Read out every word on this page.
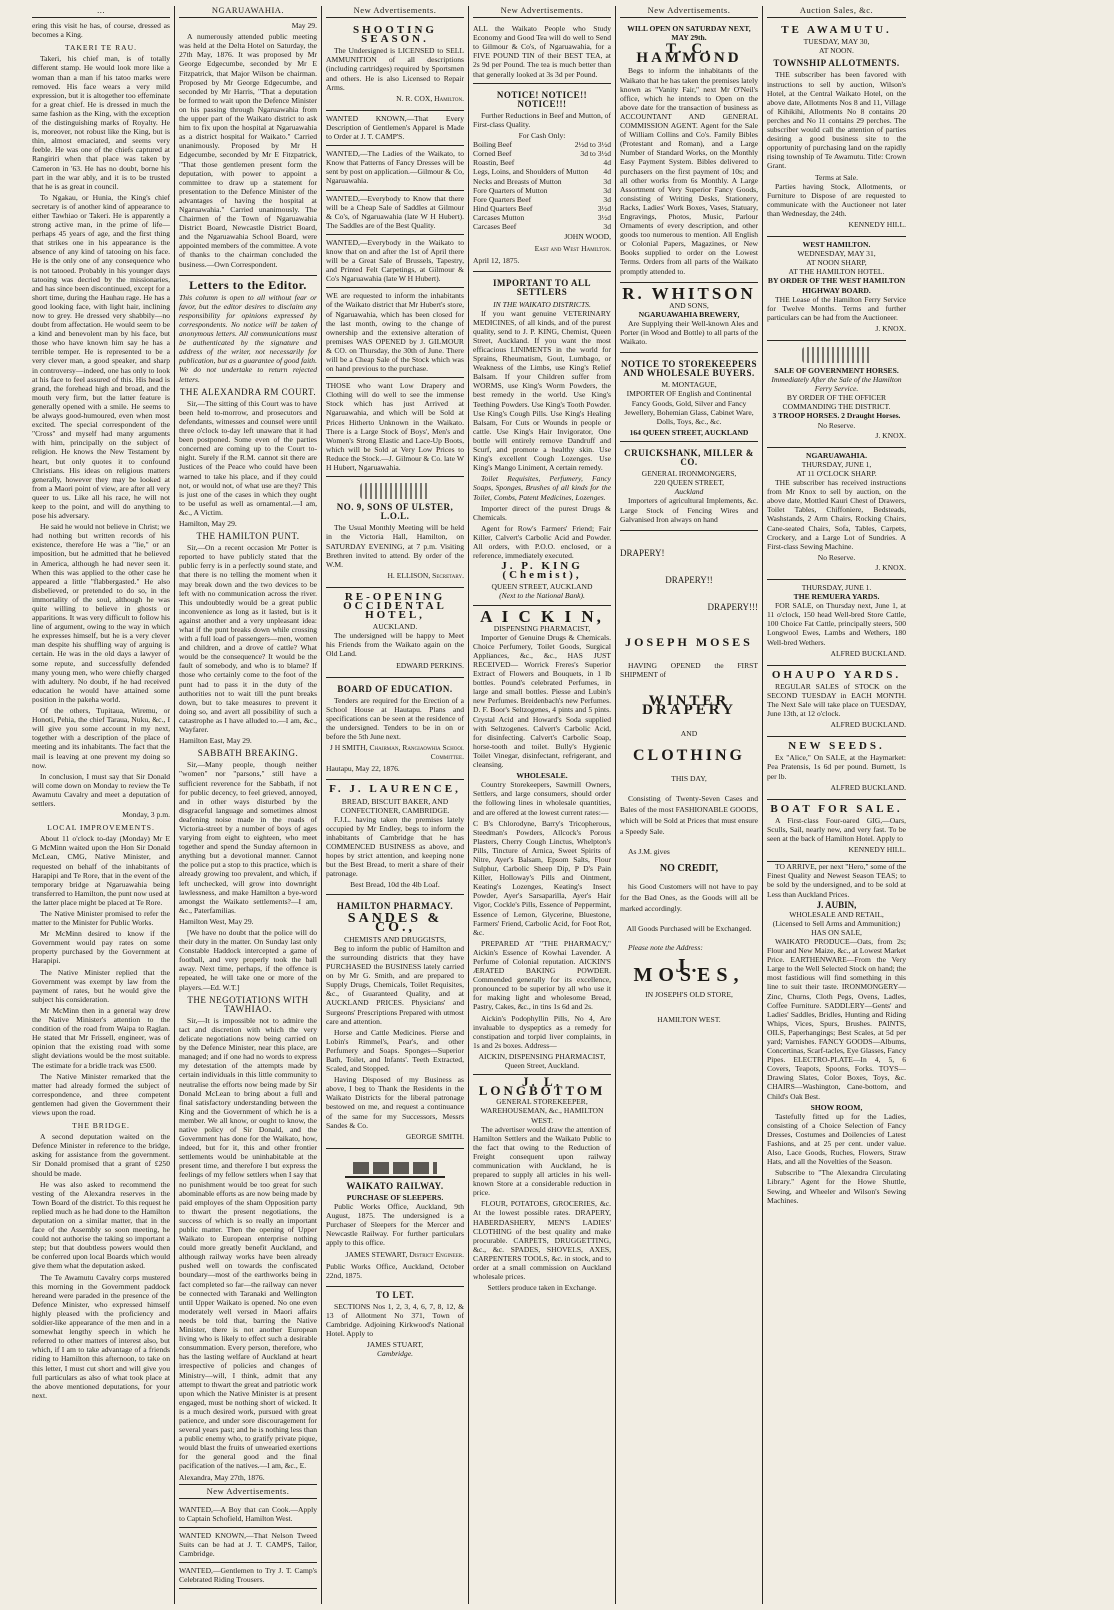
...

ering this visit he has, of course, dressed as becomes a King.

TAKERI TE RAU.

Takeri, his chief man, is of totally different stamp. He would look more like a woman than a man if his tatoo marks were removed. His face wears a very mild expression, but it is altogether too effeminate for a great chief. He is dressed in much the same fashion as the King, with the exception of the distinguishing marks of Royalty. He is, moreover, not robust like the King, but is thin, almost emaciated, and seems very feeble. He was one of the chiefs captured at Rangiriri when that place was taken by Cameron in '63. He has no doubt, borne his part in the war ably, and it is to be trusted that he is as great in council.

To Ngakau, or Hunia, the King's chief secretary is of another kind of appearance to either Tawhiao or Takeri. He is apparently a strong active man, in the prime of life—perhaps 45 years of age, and the first thing that strikes one in his appearance is the absence of any kind of tatooing on his face. He is the only one of any consequence who is not tatooed. Probably in his younger days tatooing was decried by the missionaries, and has since been discontinued, except for a short time, during the Hauhau rage. He has a good looking face, with light hair, inclining now to grey. He dressed very shabbily—no doubt from affectation. He would seem to be a kind and benevolent man by his face, but those who have known him say he has a terrible temper. He is represented to be a very clever man, a good speaker, and sharp in controversy—indeed, one has only to look at his face to feel assured of this. His head is grand, the forehead high and broad, and the mouth very firm, but the latter feature is generally opened with a smile. He seems to be always good-humoured, even when most excited. The special correspondent of the "Cross" and myself had many arguments with him, principally on the subject of religion. He knows the New Testament by heart, but only quotes it to confound Christians. His ideas on religious matters generally, however they may be looked at from a Maori point of view, are after all very queer to us. Like all his race, he will not keep to the point, and will do anything to pose his adversary.

He said he would not believe in Christ; we had nothing but written records of his existence, therefore He was a "lie," or an imposition, but he admitted that he believed in America, although he had never seen it. When this was applied to the other case he appeared a little "flabbergasted." He also disbelieved, or pretended to do so, in the immortality of the soul, although he was quite willing to believe in ghosts or apparitions. It was very difficult to follow his line of argument, owing to the way in which he expresses himself, but he is a very clever man despite his shuffling way of arguing is certain. He was in the old days a lawyer of some repute, and successfully defended many young men, who were chiefly charged with adultery. No doubt, if he had received education he would have attained some position in the pakeha world.

Of the others, Tupitaua, Wiremu, or Honoti, Pehia, the chief Taraua, Nuku, &c., I will give you some account in my next, together with a description of the place of meeting and its inhabitants. The fact that the mail is leaving at one prevent my doing so now.

In conclusion, I must say that Sir Donald will come down on Monday to review the Te Awamutu Cavalry and meet a deputation of settlers.

Monday, 3 p.m.
LOCAL IMPROVEMENTS.

About 11 o'clock to-day (Monday) Mr E G McMinn waited upon the Hon Sir Donald McLean, CMG, Native Minister, and requested on behalf of the inhabitants of Harapipi and Te Rore, that in the event of the temporary bridge at Ngaruawahia being transferred to Hamilton, the punt now used at the latter place might be placed at Te Rore.

The Native Minister promised to refer the matter to the Minister for Public Works.

Mr McMinn desired to know if the Government would pay rates on some property purchased by the Government at Harapipi.

The Native Minister replied that the Government was exempt by law from the payment of rates, but he would give the subject his consideration.

Mr McMinn then in a general way drew the Native Minister's attention to the condition of the road from Waipa to Raglan. He stated that Mr Frissell, engineer, was of opinion that the existing road with some slight deviations would be the most suitable. The estimate for a bridle track was £500.

The Native Minister remarked that the matter had already formed the subject of correspondence, and three competent gentlemen had given the Government their views upon the road.

THE BRIDGE.

A second deputation waited on the Defence Minister in reference to the bridge, asking for assistance from the government. Sir Donald promised that a grant of £250 should be made.

He was also asked to recommend the vesting of the Alexandra reserves in the Town Board of the district. To this request he replied much as he had done to the Hamilton deputation on a similar matter, that in the face of the Assembly so soon meeting, he could not authorise the taking so important a step; but that doubtless powers would then be conferred upon local Boards which would give them what the deputation asked.

The Te Awamutu Cavalry corps mustered this morning in the Government paddock hereand were paraded in the presence of the Defence Minister, who expressed himself highly pleased with the proficiency and soldier-like appearance of the men and in a somewhat lengthy speech in which he referred to other matters of interest also, but which, if I am to take advantage of a friends riding to Hamilton this afternoon, to take on this letter, I must cut short and will give you full particulars as also of what took place at the above mentioned deputations, for your next.

NGARUAWAHIA.
May 29.

A numerously attended public meeting was held at the Delta Hotel on Saturday, the 27th May, 1876. It was proposed by Mr George Edgecumbe, seconded by Mr E Fitzpatrick, that Major Wilson be chairman. Proposed by Mr George Edgecumbe, and seconded by Mr Harris, "That a deputation be formed to wait upon the Defence Minister on his passing through Ngaruawahia from the upper part of the Waikato district to ask him to fix upon the hospital at Ngaruawahia as a district hospital for Waikato." Carried unanimously. Proposed by Mr H Edgecumbe, seconded by Mr E Fitzpatrick, "That those gentlemen present form the deputation, with power to appoint a committee to draw up a statement for presentation to the Defence Minister of the advantages of having the hospital at Ngaruawahia." Carried unanimously. The Chairmen of the Town of Ngaruawahia District Board, Newcastle District Board, and the Ngaruawahia School Board, were appointed members of the committee. A vote of thanks to the chairman concluded the business.—Own Correspondent.

Letters to the Editor.

This column is open to all without fear or favor, but the editor desires to disclaim any responsibility for opinions expressed by correspondents. No notice will be taken of anonymous letters. All communications must be authenticated by the signature and address of the writer, not necessarily for publication, but as a guarantee of good faith. We do not undertake to return rejected letters.

THE ALEXANDRA RM COURT.

Sir,—The sitting of this Court was to have been held to-morrow, and prosecutors and defendants, witnesses and counsel were until three o'clock to-day left unaware that it had been postponed. Some even of the parties concerned are coming up to the Court to-night. Surely if the R.M. cannot sit there are Justices of the Peace who could have been warned to take his place, and if they could not, or would not, of what use are they? This is just one of the cases in which they ought to be useful as well as ornamental.—I am, &c., A Victim.

Hamilton, May 29.

THE HAMILTON PUNT.

Sir,—On a recent occasion Mr Potter is reported to have publicly stated that the public ferry is in a perfectly sound state, and that there is no telling the moment when it may break down and the two devices to be left with no communication across the river. This undoubtedly would be a great public inconvenience as long as it lasted, but is it against another and a very unpleasant idea: what if the punt breaks down while crossing with a full load of passengers—men, women and children, and a drove of cattle? What would be the consequence? It would be the fault of somebody, and who is to blame? If those who certainly come to the foot of the punt had to pass it in the duty of the authorities not to wait till the punt breaks down, but to take measures to prevent it doing so, and avert all possibility of such a catastrophe as I have alluded to.—I am, &c., Wayfarer.

Hamilton East, May 29.

SABBATH BREAKING.

Sir,—Many people, though neither "women" nor "parsons," still have a sufficient reverence for the Sabbath, if not for public decency, to feel grieved, annoyed, and in other ways disturbed by the disgraceful language and sometimes almost deafening noise made in the roads of Victoria-street by a number of boys of ages varying from eight to eighteen, who meet together and spend the Sunday afternoon in anything but a devotional manner. Cannot the police put a stop to this practice, which is already growing too prevalent, and which, if left unchecked, will grow into downright lawlessness, and make Hamilton a bye-word amongst the Waikato settlements?—I am, &c., Paterfamilias.

Hamilton West, May 29.

[We have no doubt that the police will do their duty in the matter. On Sunday last only Constable Haddock intercepted a game of football, and very properly took the ball away. Next time, perhaps, if the offence is repeated, he will take one or more of the players.—Ed. W.T.]

THE NEGOTIATIONS WITH TAWHIAO.

Sir,—It is impossible not to admire the tact and discretion with which the very delicate negotiations now being carried on by the Defence Minister, near this place, are managed; and if one had no words to express my detestation of the attempts made by certain individuals in this little community to neutralise the efforts now being made by Sir Donald McLean to bring about a full and final satisfactory understanding between the King and the Government of which he is a member. We all know, or ought to know, the native policy of Sir Donald, and the Government has done for the Waikato, how, indeed, but for it, this and other frontier settlements would be uninhabitable at the present time, and therefore I but express the feelings of my fellow settlers when I say that no punishment would be too great for such abominable efforts as are now being made by paid employes of the sham Opposition party to thwart the present negotiations, the success of which is so really an important public matter. Then the opening of Upper Waikato to European enterprise nothing could more greatly benefit Auckland, and although railway works have been already pushed well on towards the confiscated boundary—most of the earthworks being in fact completed so far—the railway can never be connected with Taranaki and Wellington until Upper Waikato is opened. No one even moderately well versed in Maori affairs needs be told that, barring the Native Minister, there is not another European living who is likely to effect such a desirable consummation. Every person, therefore, who has the lasting welfare of Auckland at heart irrespective of policies and changes of Ministry—will, I think, admit that any attempt to thwart the great and patriotic work upon which the Native Minister is at present engaged, must be nothing short of wicked. It is a much desired work, pursued with great patience, and under sore discouragement for several years past; and he is nothing less than a public enemy who, to gratify private pique, would blast the fruits of unwearied exertions for the general good and the final pacification of the natives.—I am, &c., E.

Alexandra, May 27th, 1876.

New Advertisements.
WANTED,—A Boy that can Cook.—Apply to Captain Schofield, Hamilton West.
WANTED KNOWN,—That Nelson Tweed Suits can be had at J. T. CAMPS, Tailor, Cambridge.
WANTED,—Gentlemen to Try J. T. Camp's Celebrated Riding Trousers.
New Advertisements.
SHOOTING SEASON.

The Undersigned is LICENSED to SELL AMMUNITION of all descriptions (including cartridges) required by Sportsmen and others. He is also Licensed to Repair Arms.

N. R. COX, Hamilton.
WANTED KNOWN,—That Every Description of Gentlemen's Apparel is Made to Order at J. T. CAMP'S.
WANTED,—The Ladies of the Waikato, to Know that Patterns of Fancy Dresses will be sent by post on application.—Gilmour & Co, Ngaruawahia.
WANTED,—Everybody to Know that there will be a Cheap Sale of Saddles at Gilmour & Co's, of Ngaruawahia (late W H Hubert). The Saddles are of the Best Quality.
WANTED,—Everybody in the Waikato to know that on and after the 1st of April there will be a Great Sale of Brussels, Tapestry, and Printed Felt Carpetings, at Gilmour & Co's Ngaruawahia (late W H Hubert).
WE are requested to inform the inhabitants of the Waikato district that Mr Hubert's store, of Ngaruawahia, which has been closed for the last month, owing to the change of ownership and the extensive alteration of premises WAS OPENED by J. GILMOUR & CO. on Thursday, the 30th of June. There will be a Cheap Sale of the Stock which was on hand previous to the purchase.
THOSE who want Low Drapery and Clothing will do well to see the immense Stock which has just Arrived at Ngaruawahia, and which will be Sold at Prices Hitherto Unknown in the Waikato. There is a Large Stock of Boys', Men's and Women's Strong Elastic and Lace-Up Boots, which will be Sold at Very Low Prices to Reduce the Stock.—J. Gilmour & Co. late W H Hubert, Ngaruawahia.
NO. 9, SONS OF ULSTER, L.O.L.

The Usual Monthly Meeting will be held in the Victoria Hall, Hamilton, on SATURDAY EVENING, at 7 p.m. Visiting Brethren invited to attend. By order of the W.M.

H. ELLISON, Secretary.
RE-OPENING OCCIDENTAL HOTEL,
AUCKLAND.

The undersigned will be happy to Meet his Friends from the Waikato again on the Old Land.

EDWARD PERKINS.
BOARD OF EDUCATION.

Tenders are required for the Erection of a School House at Hautapu. Plans and specifications can be seen at the residence of the undersigned. Tenders to be in on or before the 5th June next.

J H SMITH, Chairman, Rangiaowhia School Committee.

Hautapu, May 22, 1876.

F. J. LAURENCE,
BREAD, BISCUIT BAKER, AND CONFECTIONER, CAMBRIDGE.

F.J.L. having taken the premises lately occupied by Mr Endley, begs to inform the inhabitants of Cambridge that he has COMMENCED BUSINESS as above, and hopes by strict attention, and keeping none but the Best Bread, to merit a share of their patronage.

Best Bread, 10d the 4lb Loaf.
HAMILTON PHARMACY.
SANDES & CO.,
CHEMISTS AND DRUGGISTS,

Beg to inform the public of Hamilton and the surrounding districts that they have PURCHASED the BUSINESS lately carried on by Mr G. Smith, and are prepared to Supply Drugs, Chemicals, Toilet Requisites, &c., of Guaranteed Quality, and at AUCKLAND PRICES. Physicians' and Surgeons' Prescriptions Prepared with utmost care and attention.

Horse and Cattle Medicines. Pierse and Lobin's Rimmel's, Pear's, and other Perfumery and Soaps. Sponges—Superior Bath, Toilet, and Infants'. Teeth Extracted, Scaled, and Stopped.

Having Disposed of my Business as above, I beg to Thank the Residents in the Waikato Districts for the liberal patronage bestowed on me, and request a continuance of the same for my Successors, Messrs Sandes & Co.

GEORGE SMITH.
WAIKATO RAILWAY.
PURCHASE OF SLEEPERS.

Public Works Office, Auckland, 9th August, 1875. The undersigned is a Purchaser of Sleepers for the Mercer and Newcastle Railway. For further particulars apply to this office.

JAMES STEWART, District Engineer.

Public Works Office, Auckland, October 22nd, 1875.

TO LET.

SECTIONS Nos 1, 2, 3, 4, 6, 7, 8, 12, & 13 of Allotment No 371, Town of Cambridge. Adjoining Kirkwood's National Hotel. Apply to

JAMES STUART,
Cambridge.
New Advertisements.
ALL the Waikato People who Study Economy and Good Tea will do well to Send to Gilmour & Co's, of Ngaruawahia, for a FIVE POUND TIN of their BEST TEA, at 2s 9d per Pound. The tea is much better than that generally looked at 3s 3d per Pound.
NOTICE! NOTICE!! NOTICE!!!

Further Reductions in Beef and Mutton, of First-class Quality.

For Cash Only:
Boiling Beef	2½d to 3½d
Corned Beef	3d to 3½d
Roastin, Beef	4d
Legs, Loins, and Shoulders of Mutton 4d
Necks and Breasts of Mutton	3d
Fore Quarters of Mutton	3d
Fore Quarters Beef	3d
Hind Quarters Beef	3½d
Carcases Mutton	3½d
Carcases Beef	3d
JOHN WOOD,
East and West Hamilton.

April 12, 1875.

IMPORTANT TO ALL SETTLERS
IN THE WAIKATO DISTRICTS.

If you want genuine VETERINARY MEDICINES, of all kinds, and of the purest quality, send to J. P. KING, Chemist, Queen Street, Auckland. If you want the most efficacious LINIMENTS in the world for Sprains, Rheumatism, Gout, Lumbago, or Weakness of the Limbs, use King's Relief Balsam. If your Children suffer from WORMS, use King's Worm Powders, the best remedy in the world. Use King's Teething Powders. Use King's Tooth Powder. Use King's Cough Pills. Use King's Healing Balsam, For Cuts or Wounds in people or cattle. Use King's Hair Invigorator, One bottle will entirely remove Dandruff and Scurf, and promote a healthy skin. Use King's excellent Cough Lozenges. Use King's Mango Liniment, A certain remedy.

Toilet Requisites, Perfumery, Fancy Soaps, Sponges, Brushes of all kinds for the Toilet, Combs, Patent Medicines, Lozenges.

Importer direct of the purest Drugs & Chemicals.

Agent for Row's Farmers' Friend; Fair Killer, Calvert's Carbolic Acid and Powder. All orders, with P.O.O. enclosed, or a reference, immediately executed.

J. P. KING (Chemist),
QUEEN STREET, AUCKLAND
(Next to the National Bank).
A I C K I N,
DISPENSING PHARMACIST,

Importer of Genuine Drugs & Chemicals. Choice Perfumery, Toilet Goods, Surgical Appliances, &c., &c., HAS JUST RECEIVED— Worrick Freres's Superior Extract of Flowers and Bouquets, in 1 lb bottles. Pound's celebrated Perfumes, in large and small bottles. Piesse and Lubin's new Perfumes. Breidenbach's new Perfumes. D. F. Boor's Seltzogenes, 4 pints and 5 pints. Crystal Acid and Howard's Soda supplied with Seltzogenes. Calvert's Carbolic Acid, for disinfecting. Calvert's Carbolic Soap, horse-tooth and toilet. Bully's Hygienic Toilet Vinegar, disinfectant, refrigerant, and cleansing.

WHOLESALE.

Country Storekeepers, Sawmill Owners, Settlers, and large consumers, should order the following lines in wholesale quantities, and are offered at the lowest current rates:—

C B's Chlorodyne, Barry's Tricopherous, Steedman's Powders, Allcock's Porous Plasters, Cherry Cough Linctus, Whelpton's Pills, Tincture of Arnica, Sweet Spirits of Nitre, Ayer's Balsam, Epsom Salts, Flour Sulphur, Carbolic Sheep Dip, P D's Pain Killer, Holloway's Pills and Ointment, Keating's Lozenges, Keating's Insect Powder, Ayer's Sarsaparilla, Ayer's Hair Vigor, Cockle's Pills, Essence of Peppermint, Essence of Lemon, Glycerine, Bluestone, Farmers' Friend, Carbolic Acid, for Foot Rot, &c.

PREPARED AT "THE PHARMACY," Aickin's Essence of Kowhai Lavender. A Perfume of Colonial reputation. AICKIN'S ÆRATED BAKING POWDER. Commended generally for its excellence, pronounced to be superior by all who use it for making light and wholesome Bread, Pastry, Cakes, &c., in tins 1s 6d and 2s.

Aickin's Podophyllin Pills, No 4, Are invaluable to dyspeptics as a remedy for constipation and torpid liver complaints, in 1s and 2s boxes. Address—

AICKIN, DISPENSING PHARMACIST, Queen Street, Auckland.
J. L. LONGBOTTOM
GENERAL STOREKEEPER, WAREHOUSEMAN, &c., HAMILTON WEST.

The advertiser would draw the attention of Hamilton Settlers and the Waikato Public to the fact that owing to the Reduction of Freight consequent upon railway communication with Auckland, he is prepared to supply all articles in his well-known Store at a considerable reduction in price.

FLOUR, POTATOES, GROCERIES, &c. At the lowest possible rates. DRAPERY, HABERDASHERY, MEN'S LADIES' CLOTHING of the best quality and make procurable. CARPETS, DRUGGETTING, &c., &c. SPADES, SHOVELS, AXES, CARPENTERS TOOLS, &c. in stock, and to order at a small commission on Auckland wholesale prices.

Settlers produce taken in Exchange.
New Advertisements.
WILL OPEN ON SATURDAY NEXT, MAY 29th.
T. C. HAMMOND

Begs to inform the inhabitants of the Waikato that he has taken the premises lately known as "Vanity Fair," next Mr O'Neil's office, which he intends to Open on the above date for the transaction of business as ACCOUNTANT AND GENERAL COMMISSION AGENT. Agent for the Sale of William Collins and Co's. Family Bibles (Protestant and Roman), and a Large Number of Standard Works, on the Monthly Easy Payment System. Bibles delivered to purchasers on the first payment of 10s; and all other works from 6s Monthly. A Large Assortment of Very Superior Fancy Goods, consisting of Writing Desks, Stationery, Racks, Ladies' Work Boxes, Vases, Statuary, Engravings, Photos, Music, Parlour Ornaments of every description, and other goods too numerous to mention. All English or Colonial Papers, Magazines, or New Books supplied to order on the Lowest Terms. Orders from all parts of the Waikato promptly attended to.

R. WHITSON
AND SONS,
NGARUAWAHIA BREWERY,

Are Supplying their Well-known Ales and Porter (in Wood and Bottle) to all parts of the Waikato.

NOTICE TO STOREKEEPERS AND WHOLESALE BUYERS.
M. MONTAGUE,

IMPORTER OF English and Continental Fancy Goods, Gold, Silver and Fancy Jewellery, Bohemian Glass, Cabinet Ware, Dolls, Toys, &c., &c.

164 QUEEN STREET, AUCKLAND
CRUICKSHANK, MILLER & CO.
GENERAL IRONMONGERS,
220 QUEEN STREET,
Auckland

Importers of agricultural Implements, &c. Large Stock of Fencing Wires and Galvanised Iron always on hand

DRAPERY!
DRAPERY!!
DRAPERY!!!
JOSEPH MOSES

HAVING OPENED the FIRST SHIPMENT of

WINTER DRAPERY
AND
CLOTHING
THIS DAY,

Consisting of Twenty-Seven Cases and Bales of the most FASHIONABLE GOODS, which will be Sold at Prices that must ensure a Speedy Sale.

As J.M. gives

NO CREDIT,

his Good Customers will not have to pay for the Bad Ones, as the Goods will all be marked accordingly.

All Goods Purchased will be Exchanged.

Please note the Address:

J. MOSES,
IN JOSEPH'S OLD STORE,
HAMILTON WEST.
Auction Sales, &c.
TE AWAMUTU.
TUESDAY, MAY 30,
AT NOON.
TOWNSHIP ALLOTMENTS.

THE subscriber has been favored with instructions to sell by auction, Wilson's Hotel, at the Central Waikato Hotel, on the above date, Allotments Nos 8 and 11, Village of Kihikihi, Allotments No 8 contains 20 perches and No 11 contains 29 perches. The subscriber would call the attention of parties desiring a good business site to the opportunity of purchasing land on the rapidly rising township of Te Awamutu. Title: Crown Grant.

Terms at Sale.

Parties having Stock, Allotments, or Furniture to Dispose of are requested to communicate with the Auctioneer not later than Wednesday, the 24th.

KENNEDY HILL.
WEST HAMILTON.
WEDNESDAY, MAY 31,
AT NOON SHARP,
AT THE HAMILTON HOTEL.
BY ORDER OF THE WEST HAMILTON HIGHWAY BOARD.

THE Lease of the Hamilton Ferry Service for Twelve Months. Terms and further particulars can be had from the Auctioneer.

J. KNOX.
SALE OF GOVERNMENT HORSES.
Immediately After the Sale of the Hamilton Ferry Service.
BY ORDER OF THE OFFICER COMMANDING THE DISTRICT.
3 TROOP HORSES. 2 Draught Horses.
No Reserve.
J. KNOX.
NGARUAWAHIA.
THURSDAY, JUNE 1,
AT 11 O'CLOCK SHARP.

THE subscriber has received instructions from Mr Knox to sell by auction, on the above date, Mottled Kauri Chest of Drawers, Toilet Tables, Chiffoniere, Bedsteads, Washstands, 2 Arm Chairs, Rocking Chairs, Cane-seated Chairs, Sofa, Tables, Carpets, Crockery, and a Large Lot of Sundries. A First-class Sewing Machine.

No Reserve.
J. KNOX.
THURSDAY, JUNE 1.
THE REMUERA YARDS.

FOR SALE, on Thursday next, June 1, at 11 o'clock, 150 head Well-bred Store Cattle, 100 Choice Fat Cattle, principally steers, 500 Longwool Ewes, Lambs and Wethers, 180 Well-bred Wethers.

ALFRED BUCKLAND.
OHAUPO YARDS.

REGULAR SALES of STOCK on the SECOND TUESDAY in EACH MONTH. The Next Sale will take place on TUESDAY, June 13th, at 12 o'clock.

ALFRED BUCKLAND.
NEW SEEDS.

Ex "Alice," On SALE, at the Haymarket: Pea Pratensis, 1s 6d per pound. Burnett, 1s per lb.

ALFRED BUCKLAND.
BOAT FOR SALE.

A First-class Four-oared GIG,—Oars, Sculls, Sail, nearly new, and very fast. To be seen at the back of Hamilton Hotel. Apply to

KENNEDY HILL.

TO ARRIVE, per next "Hero," some of the Finest Quality and Newest Season TEAS; to be sold by the undersigned, and to be sold at Less than Auckland Prices.

J. AUBIN,
WHOLESALE AND RETAIL,
(Licensed to Sell Arms and Ammunition;)
HAS ON SALE,

WAIKATO PRODUCE—Oats, from 2s; Flour and New Maize, &c., at Lowest Market Price. EARTHENWARE—From the Very Large to the Well Selected Stock on hand; the most fastidious will find something in this line to suit their taste. IRONMONGERY—Zinc, Churns, Cloth Pegs, Ovens, Ladles, Coffee Furniture. SADDLERY—Gents' and Ladies' Saddles, Bridles, Hunting and Riding Whips, Vices, Spurs, Brushes. PAINTS, OILS, Paperhangings; Best Scales, at 5d per yard; Varnishes. FANCY GOODS—Albums, Concertinas, Scarf-tacles, Eye Glasses, Fancy Pipes. ELECTRO-PLATE—In 4, 5, 6 Covers, Teapots, Spoons, Forks. TOYS—Drawing Slates, Color Boxes, Toys, &c. CHAIRS—Washington, Cane-bottom, and Child's Oak Best.

SHOW ROOM,

Tastefully fitted up for the Ladies, consisting of a Choice Selection of Fancy Dresses, Costumes and Doilencies of Latest Fashions, and at 25 per cent. under value. Also, Lace Goods, Ruches, Flowers, Straw Hats, and all the Novelties of the Season.

Subscribe to "The Alexandra Circulating Library." Agent for the Howe Shuttle, Sewing, and Wheeler and Wilson's Sewing Machines.
